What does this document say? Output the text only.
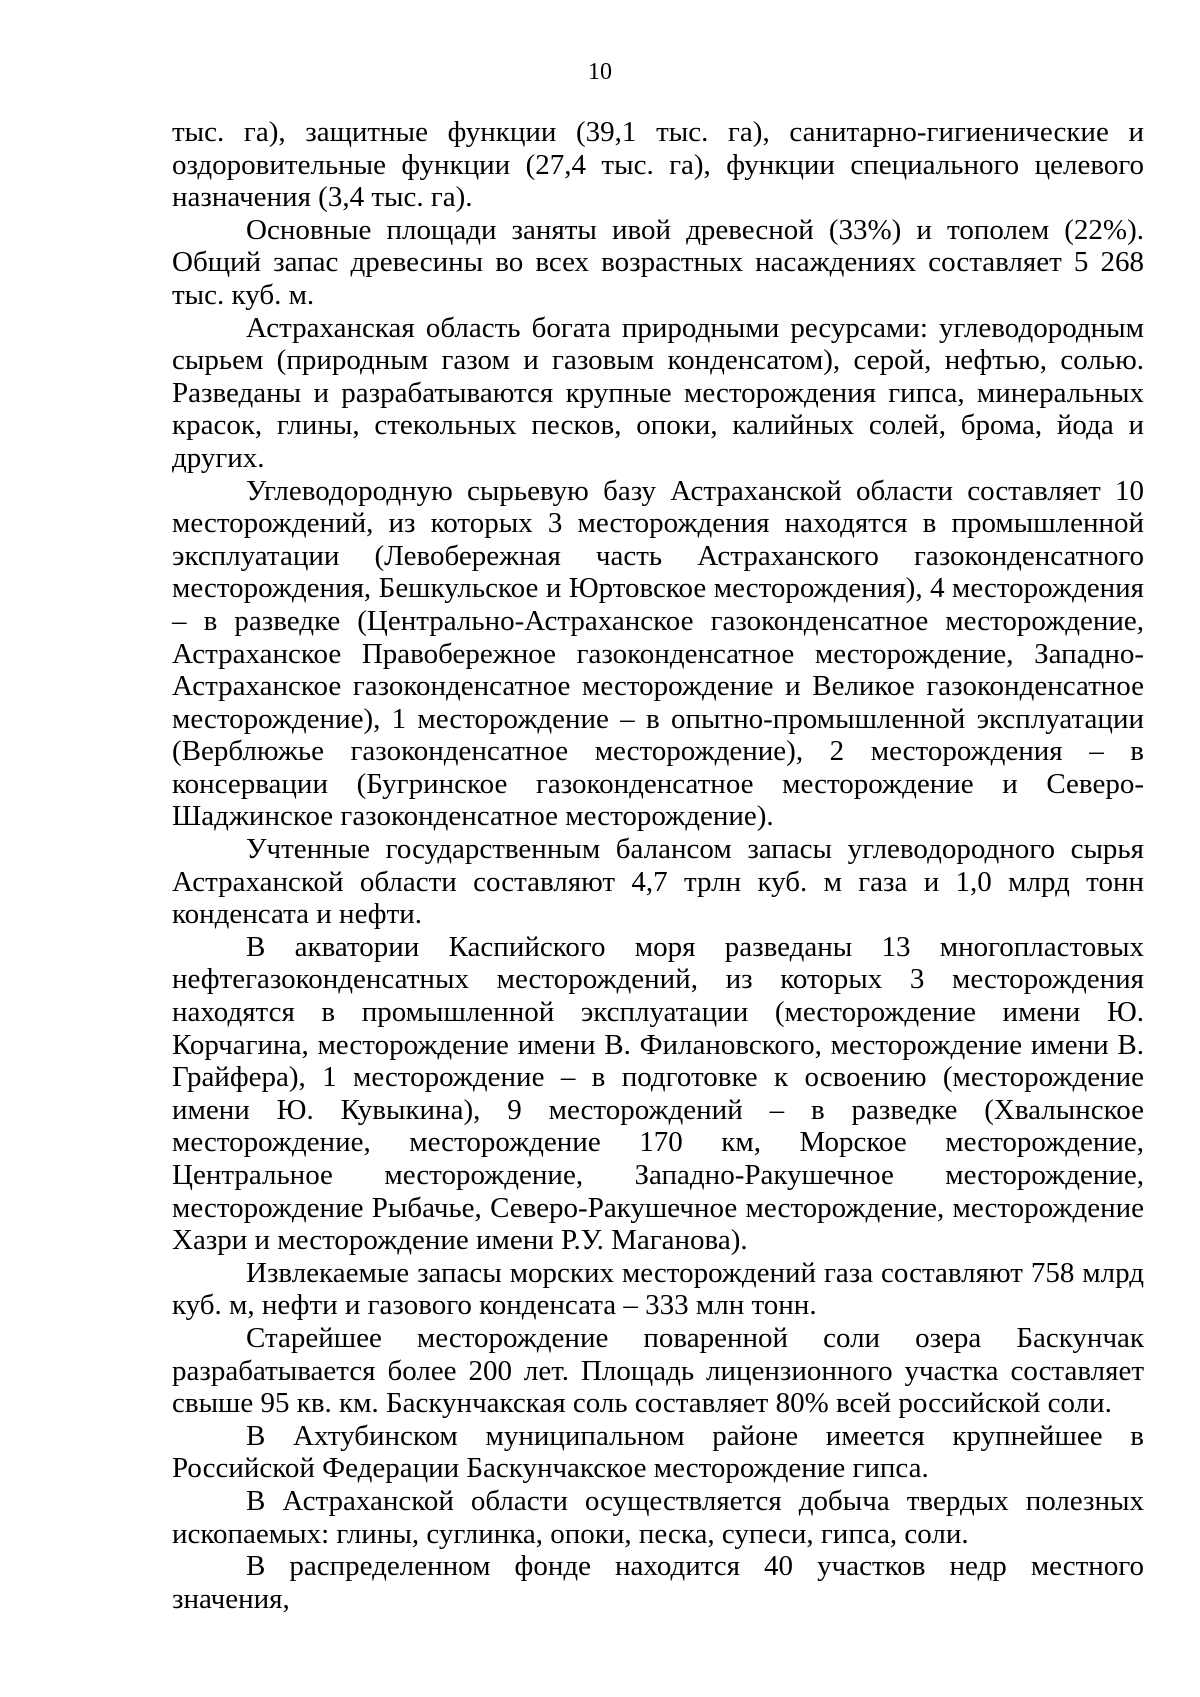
10

тыс. га), защитные функции (39,1 тыс. га), санитарно-гигиенические и оздоровительные функции (27,4 тыс. га), функции специального целевого назначения (3,4 тыс. га).

Основные площади заняты ивой древесной (33%) и тополем (22%). Общий запас древесины во всех возрастных насаждениях составляет 5 268 тыс. куб. м.

Астраханская область богата природными ресурсами: углеводородным сырьем (природным газом и газовым конденсатом), серой, нефтью, солью. Разведаны и разрабатываются крупные месторождения гипса, минеральных красок, глины, стекольных песков, опоки, калийных солей, брома, йода и других.

Углеводородную сырьевую базу Астраханской области составляет 10 месторождений, из которых 3 месторождения находятся в промышленной эксплуатации (Левобережная часть Астраханского газоконденсатного месторождения, Бешкульское и Юртовское месторождения), 4 месторождения – в разведке (Центрально-Астраханское газоконденсатное месторождение, Астраханское Правобережное газоконденсатное месторождение, Западно-Астраханское газоконденсатное месторождение и Великое газоконденсатное месторождение), 1 месторождение – в опытно-промышленной эксплуатации (Верблюжье газоконденсатное месторождение), 2 месторождения – в консервации (Бугринское газоконденсатное месторождение и Северо-Шаджинское газоконденсатное месторождение).

Учтенные государственным балансом запасы углеводородного сырья Астраханской области составляют 4,7 трлн куб. м газа и 1,0 млрд тонн конденсата и нефти.

В акватории Каспийского моря разведаны 13 многопластовых нефтегазоконденсатных месторождений, из которых 3 месторождения находятся в промышленной эксплуатации (месторождение имени Ю. Корчагина, месторождение имени В. Филановского, месторождение имени В. Грайфера), 1 месторождение – в подготовке к освоению (месторождение имени Ю. Кувыкина), 9 месторождений – в разведке (Хвалынское месторождение, месторождение 170 км, Морское месторождение, Центральное месторождение, Западно-Ракушечное месторождение, месторождение Рыбачье, Северо-Ракушечное месторождение, месторождение Хазри и месторождение имени Р.У. Маганова).

Извлекаемые запасы морских месторождений газа составляют 758 млрд куб. м, нефти и газового конденсата – 333 млн тонн.

Старейшее месторождение поваренной соли озера Баскунчак разрабатывается более 200 лет. Площадь лицензионного участка составляет свыше 95 кв. км. Баскунчакская соль составляет 80% всей российской соли.

В Ахтубинском муниципальном районе имеется крупнейшее в Российской Федерации Баскунчакское месторождение гипса.

В Астраханской области осуществляется добыча твердых полезных ископаемых: глины, суглинка, опоки, песка, супеси, гипса, соли.

В распределенном фонде находится 40 участков недр местного значения,
